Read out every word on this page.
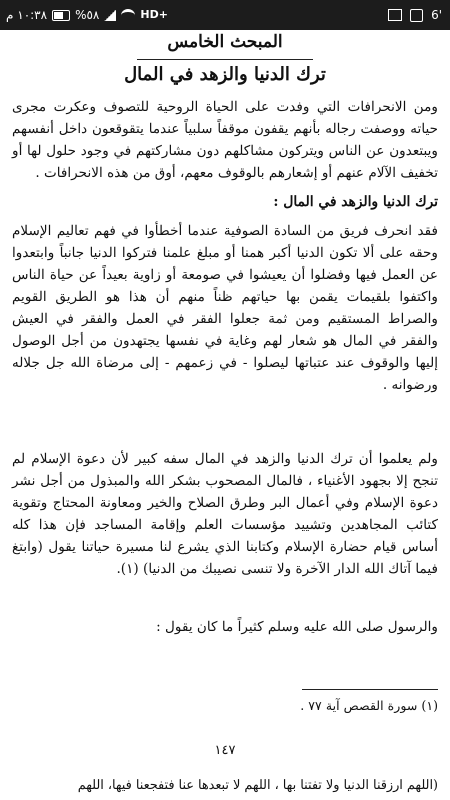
١٠:٣٨ م %٥٨	HD+	6'
المبحث الخامس
ترك الدنيا والزهد في المال
ومن الانحرافات التي وفدت على الحياة الروحية للتصوف وعكرت مجرى حياته ووصفت رجاله بأنهم يقفون موقفاً سلبياً عندما يتقوقعون داخل أنفسهم ويبتعدون عن الناس ويتركون مشاكلهم دون مشاركتهم في وجود حلول لها أو تخفيف الآلام عنهم أو إشعارهم بالوقوف معهم، أوق من هذه الانحرافات .
ترك الدنيا والزهد في المال :
فقد انحرف فريق من السادة الصوفية عندما أخطأوا في فهم تعاليم الإسلام وحقه على ألا تكون الدنيا أكبر همنا أو مبلغ علمنا فتركوا الدنيا جانباً وابتعدوا عن العمل فيها وفضلوا أن يعيشوا في صومعة أو زاوية بعيداً عن حياة الناس واكتفوا بلقيمات يقمن بها حياتهم ظناً منهم أن هذا هو الطريق القويم والصراط المستقيم ومن ثمة جعلوا الفقر في العمل والفقر في العيش والفقر في المال هو شعار لهم وغاية في نفسها يجتهدون من أجل الوصول إليها والوقوف عند عتباتها ليصلوا - في زعمهم - إلى مرضاة الله جل جلاله ورضوانه .
ولم يعلموا أن ترك الدنيا والزهد في المال سفه كبير لأن دعوة الإسلام لم تنجح إلا بجهود الأغنياء ، فالمال المصحوب بشكر الله والمبذول من أجل نشر دعوة الإسلام وفي أعمال البر وطرق الصلاح والخير ومعاونة المحتاج وتقوية كتائب المجاهدين وتشييد مؤسسات العلم وإقامة المساجد فإن هذا كله أساس قيام حضارة الإسلام وكتابنا الذي يشرع لنا مسيرة حياتنا يقول (وابتغ فيما آتاك الله الدار الآخرة ولا تنسى نصيبك من الدنيا) (١).
والرسول صلى الله عليه وسلم كثيراً ما كان يقول :
(١) سورة القصص آية ٧٧ .
١٤٧
(اللهم ارزقنا الدنيا ولا تفتنا بها ، اللهم لا تبعدها عنا فتفجعنا فيها، اللهم
